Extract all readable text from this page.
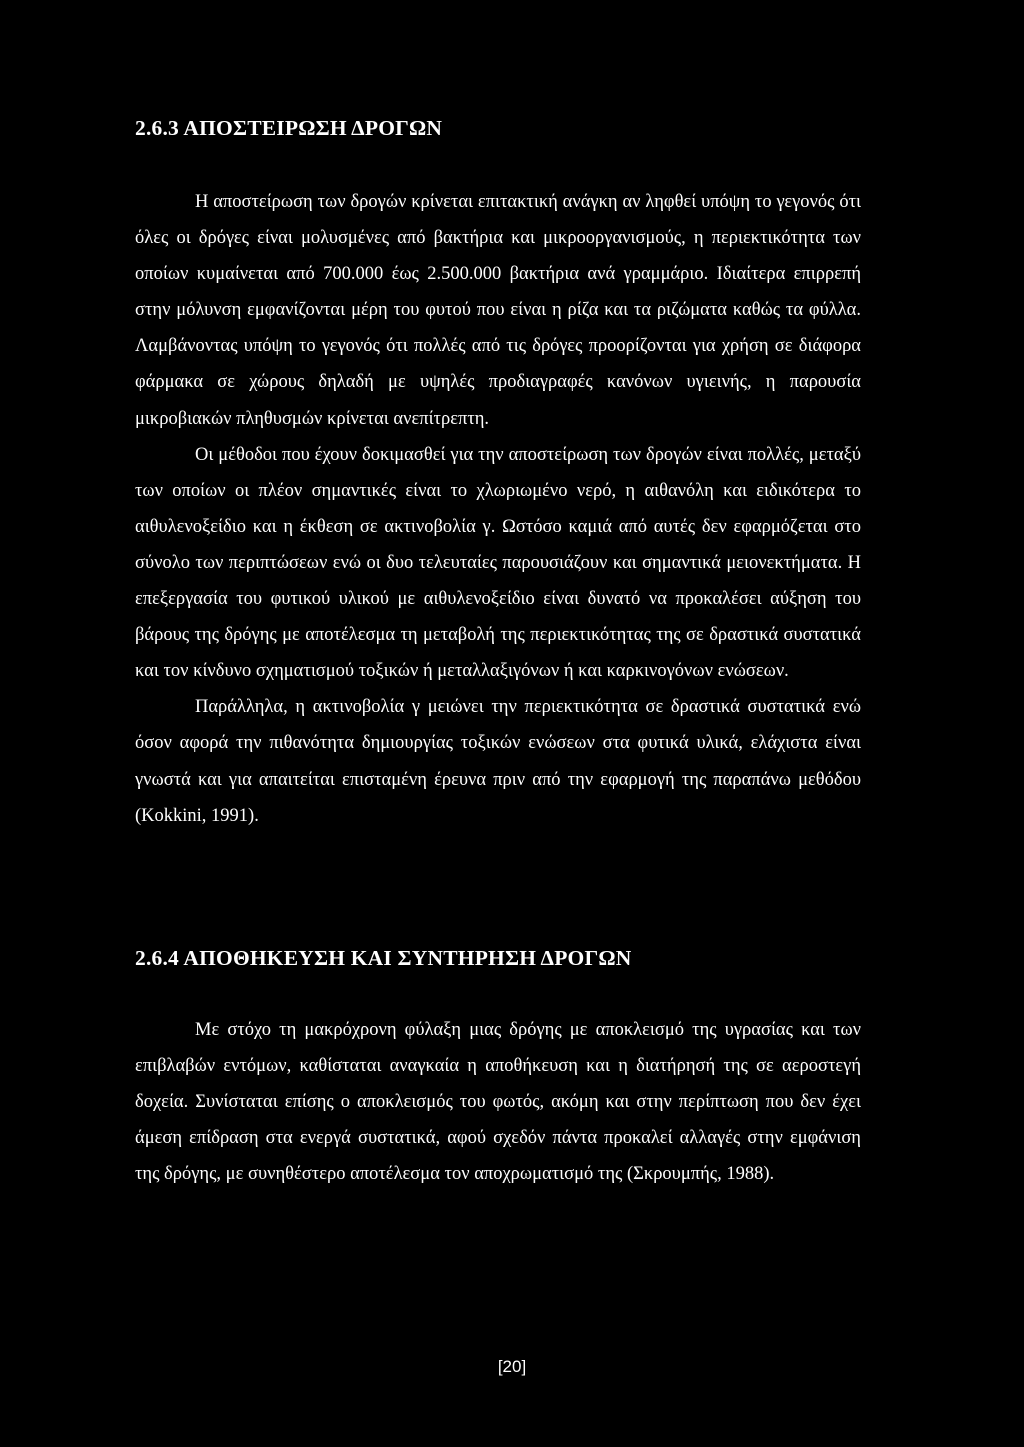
2.6.3 ΑΠΟΣΤΕΙΡΩΣΗ ΔΡΟΓΩΝ

Η αποστείρωση των δρογών κρίνεται επιτακτική ανάγκη αν ληφθεί υπόψη το γεγονός ότι όλες οι δρόγες είναι μολυσμένες από βακτήρια και μικροοργανισμούς, η περιεκτικότητα των οποίων κυμαίνεται από 700.000 έως 2.500.000 βακτήρια ανά γραμμάριο. Ιδιαίτερα επιρρεπή στην μόλυνση εμφανίζονται μέρη του φυτού που είναι η ρίζα και τα ριζώματα καθώς τα φύλλα. Λαμβάνοντας υπόψη το γεγονός ότι πολλές από τις δρόγες προορίζονται για χρήση σε διάφορα φάρμακα σε χώρους δηλαδή με υψηλές προδιαγραφές κανόνων υγιεινής, η παρουσία μικροβιακών πληθυσμών κρίνεται ανεπίτρεπτη.

Οι μέθοδοι που έχουν δοκιμασθεί για την αποστείρωση των δρογών είναι πολλές, μεταξύ των οποίων οι πλέον σημαντικές είναι το χλωριωμένο νερό, η αιθανόλη και ειδικότερα το αιθυλενοξείδιο και η έκθεση σε ακτινοβολία γ. Ωστόσο καμιά από αυτές δεν εφαρμόζεται στο σύνολο των περιπτώσεων ενώ οι δυο τελευταίες παρουσιάζουν και σημαντικά μειονεκτήματα. Η επεξεργασία του φυτικού υλικού με αιθυλενοξείδιο είναι δυνατό να προκαλέσει αύξηση του βάρους της δρόγης με αποτέλεσμα τη μεταβολή της περιεκτικότητας της σε δραστικά συστατικά και τον κίνδυνο σχηματισμού τοξικών ή μεταλλαξιγόνων ή και καρκινογόνων ενώσεων.

Παράλληλα, η ακτινοβολία γ μειώνει την περιεκτικότητα σε δραστικά συστατικά ενώ όσον αφορά την πιθανότητα δημιουργίας τοξικών ενώσεων στα φυτικά υλικά, ελάχιστα είναι γνωστά και για απαιτείται επισταμένη έρευνα πριν από την εφαρμογή της παραπάνω μεθόδου (Kokkini, 1991).

2.6.4 ΑΠΟΘΗΚΕΥΣΗ ΚΑΙ ΣΥΝΤΗΡΗΣΗ ΔΡΟΓΩΝ

Με στόχο τη μακρόχρονη φύλαξη μιας δρόγης με αποκλεισμό της υγρασίας και των επιβλαβών εντόμων, καθίσταται αναγκαία η αποθήκευση και η διατήρησή της σε αεροστεγή δοχεία. Συνίσταται επίσης ο αποκλεισμός του φωτός, ακόμη και στην περίπτωση που δεν έχει άμεση επίδραση στα ενεργά συστατικά, αφού σχεδόν πάντα προκαλεί αλλαγές στην εμφάνιση της δρόγης, με συνηθέστερο αποτέλεσμα τον αποχρωματισμό της (Σκρουμπής, 1988).

[20]
